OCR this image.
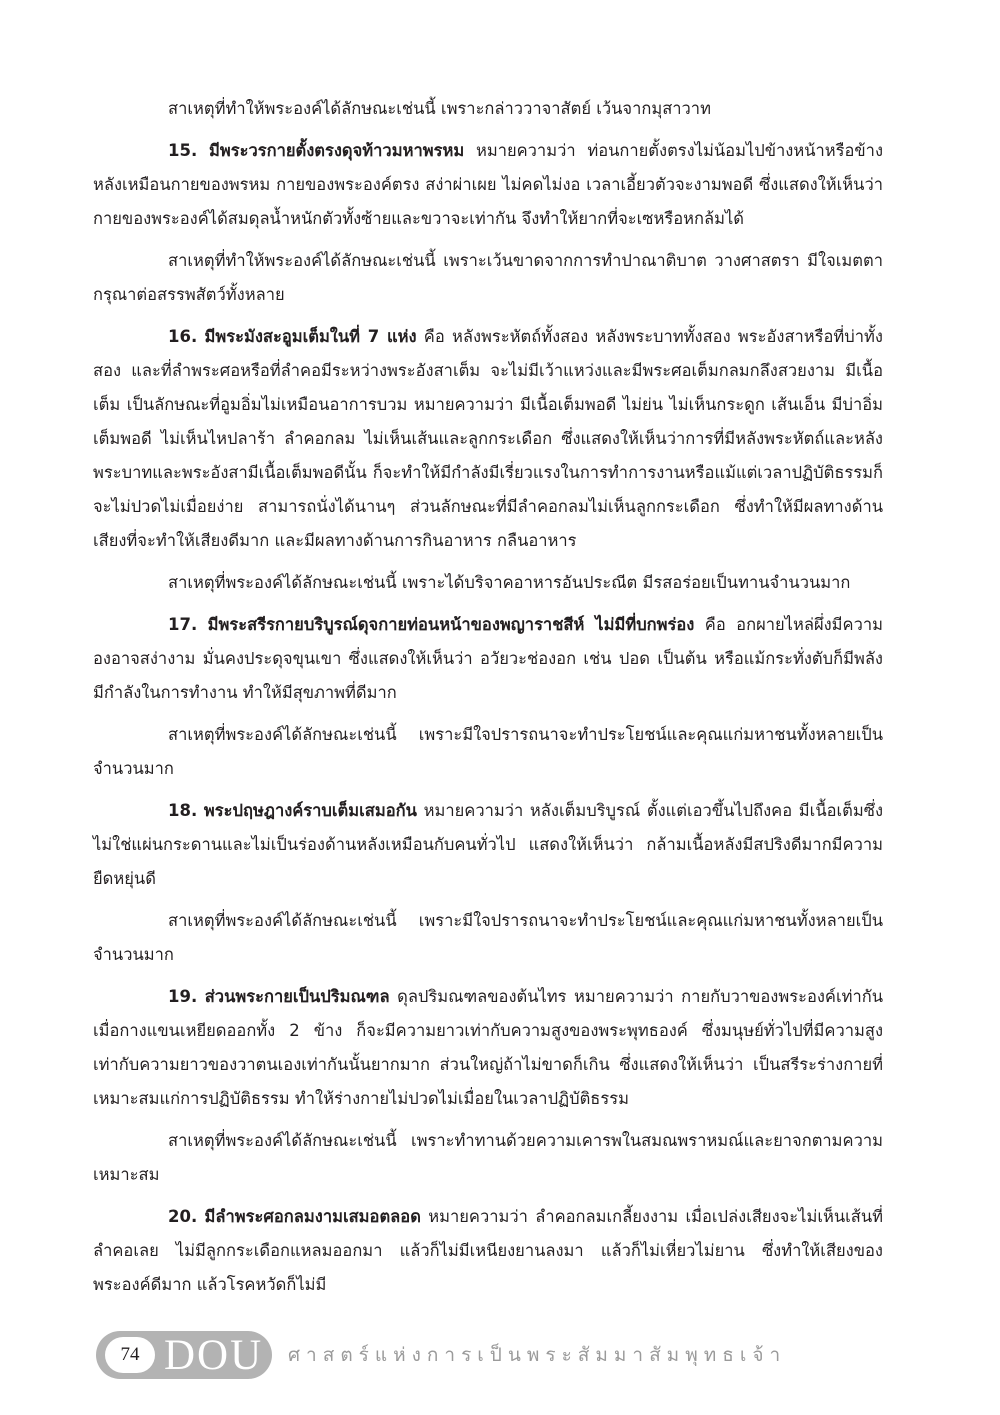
สาเหตุที่ทำให้พระองค์ได้ลักษณะเช่นนี้ เพราะกล่าววาจาสัตย์ เว้นจากมุสาวาท

15. มีพระวรกายตั้งตรงดุจท้าวมหาพรหม หมายความว่า ท่อนกายตั้งตรงไม่น้อมไปข้างหน้าหรือข้างหลังเหมือนกายของพรหม กายของพระองค์ตรง สง่าผ่าเผย ไม่คดไม่งอ เวลาเอี้ยวตัวจะงามพอดี ซึ่งแสดงให้เห็นว่า กายของพระองค์ได้สมดุลน้ำหนักตัวทั้งซ้ายและขวาจะเท่ากัน จึงทำให้ยากที่จะเซหรือหกล้มได้

สาเหตุที่ทำให้พระองค์ได้ลักษณะเช่นนี้ เพราะเว้นขาดจากการทำปาณาติบาต วางศาสตรา มีใจเมตตากรุณาต่อสรรพสัตว์ทั้งหลาย

16. มีพระมังสะอูมเต็มในที่ 7 แห่ง คือ หลังพระหัตถ์ทั้งสอง หลังพระบาททั้งสอง พระอังสาหรือที่บ่าทั้งสอง และที่ลำพระศอหรือที่ลำคอมีระหว่างพระอังสาเต็ม จะไม่มีเว้าแหว่งและมีพระศอเต็มกลมกลึงสวยงาม มีเนื้อเต็ม เป็นลักษณะที่อูมอิ่มไม่เหมือนอาการบวม หมายความว่า มีเนื้อเต็มพอดี ไม่ย่น ไม่เห็นกระดูก เส้นเอ็น มีบ่าอิ่มเต็มพอดี ไม่เห็นไหปลาร้า ลำคอกลม ไม่เห็นเส้นและลูกกระเดือก ซึ่งแสดงให้เห็นว่าการที่มีหลังพระหัตถ์และหลังพระบาทและพระอังสามีเนื้อเต็มพอดีนั้น ก็จะทำให้มีกำลังมีเรี่ยวแรงในการทำการงานหรือแม้แต่เวลาปฏิบัติธรรมก็จะไม่ปวดไม่เมื่อยง่าย สามารถนั่งได้นานๆ ส่วนลักษณะที่มีลำคอกลมไม่เห็นลูกกระเดือก ซึ่งทำให้มีผลทางด้านเสียงที่จะทำให้เสียงดีมาก และมีผลทางด้านการกินอาหาร กลืนอาหาร

สาเหตุที่พระองค์ได้ลักษณะเช่นนี้ เพราะได้บริจาคอาหารอันประณีต มีรสอร่อยเป็นทานจำนวนมาก

17. มีพระสรีรกายบริบูรณ์ดุจกายท่อนหน้าของพญาราชสีห์ ไม่มีที่บกพร่อง คือ อกผายไหล่ผึ่งมีความองอาจสง่างาม มั่นคงประดุจขุนเขา ซึ่งแสดงให้เห็นว่า อวัยวะช่องอก เช่น ปอด เป็นต้น หรือแม้กระทั่งตับก็มีพลัง มีกำลังในการทำงาน ทำให้มีสุขภาพที่ดีมาก

สาเหตุที่พระองค์ได้ลักษณะเช่นนี้ เพราะมีใจปรารถนาจะทำประโยชน์และคุณแก่มหาชนทั้งหลายเป็นจำนวนมาก

18. พระปฤษฎางค์ราบเต็มเสมอกัน หมายความว่า หลังเต็มบริบูรณ์ ตั้งแต่เอวขึ้นไปถึงคอ มีเนื้อเต็มซึ่งไม่ใช่แผ่นกระดานและไม่เป็นร่องด้านหลังเหมือนกับคนทั่วไป แสดงให้เห็นว่า กล้ามเนื้อหลังมีสปริงดีมากมีความยืดหยุ่นดี

สาเหตุที่พระองค์ได้ลักษณะเช่นนี้ เพราะมีใจปรารถนาจะทำประโยชน์และคุณแก่มหาชนทั้งหลายเป็นจำนวนมาก

19. ส่วนพระกายเป็นปริมณฑล ดุลปริมณฑลของต้นไทร หมายความว่า กายกับวาของพระองค์เท่ากัน เมื่อกางแขนเหยียดออกทั้ง 2 ข้าง ก็จะมีความยาวเท่ากับความสูงของพระพุทธองค์ ซึ่งมนุษย์ทั่วไปที่มีความสูงเท่ากับความยาวของวาตนเองเท่ากันนั้นยากมาก ส่วนใหญ่ถ้าไม่ขาดก็เกิน ซึ่งแสดงให้เห็นว่า เป็นสรีระร่างกายที่เหมาะสมแก่การปฏิบัติธรรม ทำให้ร่างกายไม่ปวดไม่เมื่อยในเวลาปฏิบัติธรรม

สาเหตุที่พระองค์ได้ลักษณะเช่นนี้ เพราะทำทานด้วยความเคารพในสมณพราหมณ์และยาจกตามความเหมาะสม

20. มีลำพระศอกลมงามเสมอตลอด หมายความว่า ลำคอกลมเกลี้ยงงาม เมื่อเปล่งเสียงจะไม่เห็นเส้นที่ลำคอเลย ไม่มีลูกกระเดือกแหลมออกมา แล้วก็ไม่มีเหนียงยานลงมา แล้วก็ไม่เหี่ยวไม่ยาน ซึ่งทำให้เสียงของพระองค์ดีมาก แล้วโรคหวัดก็ไม่มี

74 DOU ศาสตร์แห่งการเป็นพระสัมมาสัมพุทธเจ้า
